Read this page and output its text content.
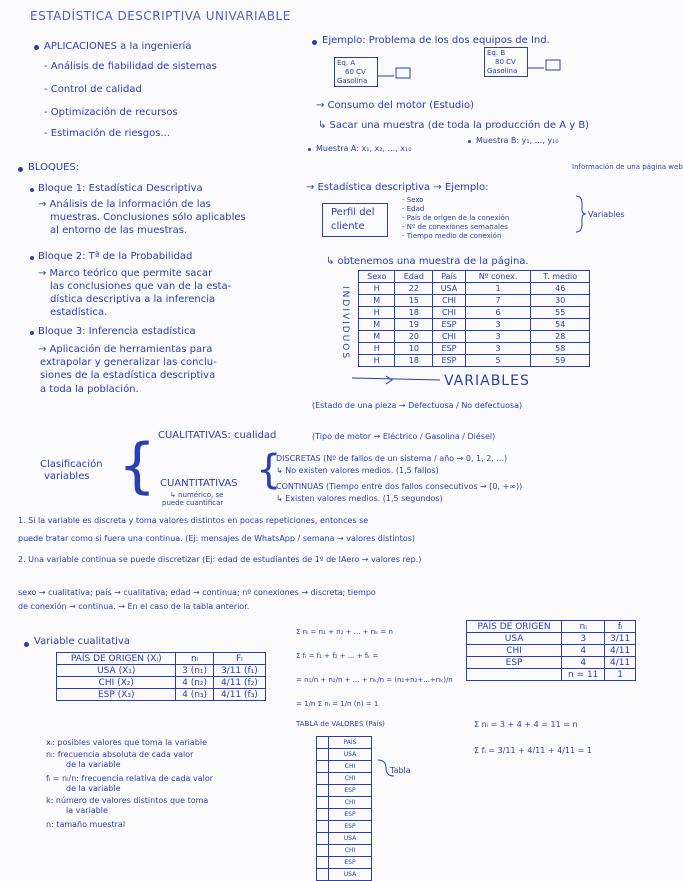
ESTADÍSTICA DESCRIPTIVA UNIVARIABLE
APLICACIONES a la ingeniería
- Análisis de fiabilidad de sistemas
- Control de calidad
- Optimización de recursos
- Estimación de riesgos...
Ejemplo: Problema de los dos equipos de Ind.
Eq. A
60 CV
Gasolina
Eq. B
80 CV
Gasolina
→ Consumo del motor (Estudio)
↳ Sacar una muestra (de toda la producción de A y B)
Muestra A: x₁, x₂, ..., x₁₀
Muestra B: y₁, ..., y₁₀
BLOQUES:
Bloque 1: Estadística Descriptiva
→ Análisis de la información de las
muestras. Conclusiones sólo aplicables
al entorno de las muestras.
Bloque 2: Tª de la Probabilidad
→ Marco teórico que permite sacar
las conclusiones que van de la esta-
dística descriptiva a la inferencia
estadística.
Bloque 3: Inferencia estadística
→ Aplicación de herramientas para
extrapolar y generalizar las conclu-
siones de la estadística descriptiva
a toda la población.
→ Estadística descriptiva → Ejemplo:
Información de una página web
Perfil del
cliente
- Sexo
- Edad
- País de origen de la conexión
- Nº de conexiones semanales
- Tiempo medio de conexión
Variables
↳ obtenemos una muestra de la página.
INDIVIDUOS
Sexo	Edad	País	Nº conex.	T. medio
H	22	USA	1	46
M	15	CHI	7	30
H	18	CHI	6	55
M	19	ESP	3	54
M	20	CHI	3	28
H	10	ESP	3	58
H	18	ESP	5	59
VARIABLES
Clasificación
variables { CUALITATIVAS: cualidad
(Estado de una pieza → Defectuosa / No defectuosa)
(Tipo de motor → Eléctrico / Gasolina / Diésel)
CUANTITATIVAS
↳ numérico, se
puede cuantificar
{
DISCRETAS (Nº de fallos de un sistema / año → 0, 1, 2, ...)
↳ No existen valores medios. (1,5 fallos)
CONTINUAS (Tiempo entre dos fallos consecutivos → [0, +∞))
↳ Existen valores medios. (1,5 segundos)
1. Si la variable es discreta y toma valores distintos en pocas repeticiones, entonces se
puede tratar como si fuera una continua. (Ej: mensajes de WhatsApp / semana → valores distintos)
2. Una variable continua se puede discretizar (Ej: edad de estudiantes de 1º de IAero → valores rep.)
sexo → cualitativa; país → cualitativa; edad → continua; nº conexiones → discreta; tiempo
de conexión → continua. → En el caso de la tabla anterior.
Variable cualitativa
PAÍS DE ORIGEN (Xᵢ)	nᵢ	Fᵢ
USA (X₁)	3 (n₁)	3/11 (f₁)
CHI (X₂)	4 (n₂)	4/11 (f₂)
ESP (X₃)	4 (n₃)	4/11 (f₃)
Σ nᵢ = n₁ + n₂ + ... + nₖ = n
Σ fᵢ = f₁ + f₂ + ... + fₖ =
= n₁/n + n₂/n + ... + nₖ/n = (n₁+n₂+...+nₖ)/n
= 1/n Σ nᵢ = 1/n (n) = 1
TABLA de VALORES (País)
	PAÍS
	USA
	CHI
	CHI
	ESP
	CHI
	ESP
	ESP
	USA
	CHI
	ESP
	USA
Tabla
xᵢ: posibles valores que toma la variable
nᵢ: frecuencia absoluta de cada valor
de la variable
fᵢ = nᵢ/n: frecuencia relativa de cada valor
de la variable
k: número de valores distintos que toma
la variable
n: tamaño muestral
PAÍS DE ORIGEN	nᵢ	fᵢ
USA	3	3/11
CHI	4	4/11
ESP	4	4/11
	n = 11	1
Σ nᵢ = 3 + 4 + 4 = 11 = n
Σ fᵢ = 3/11 + 4/11 + 4/11 = 1
